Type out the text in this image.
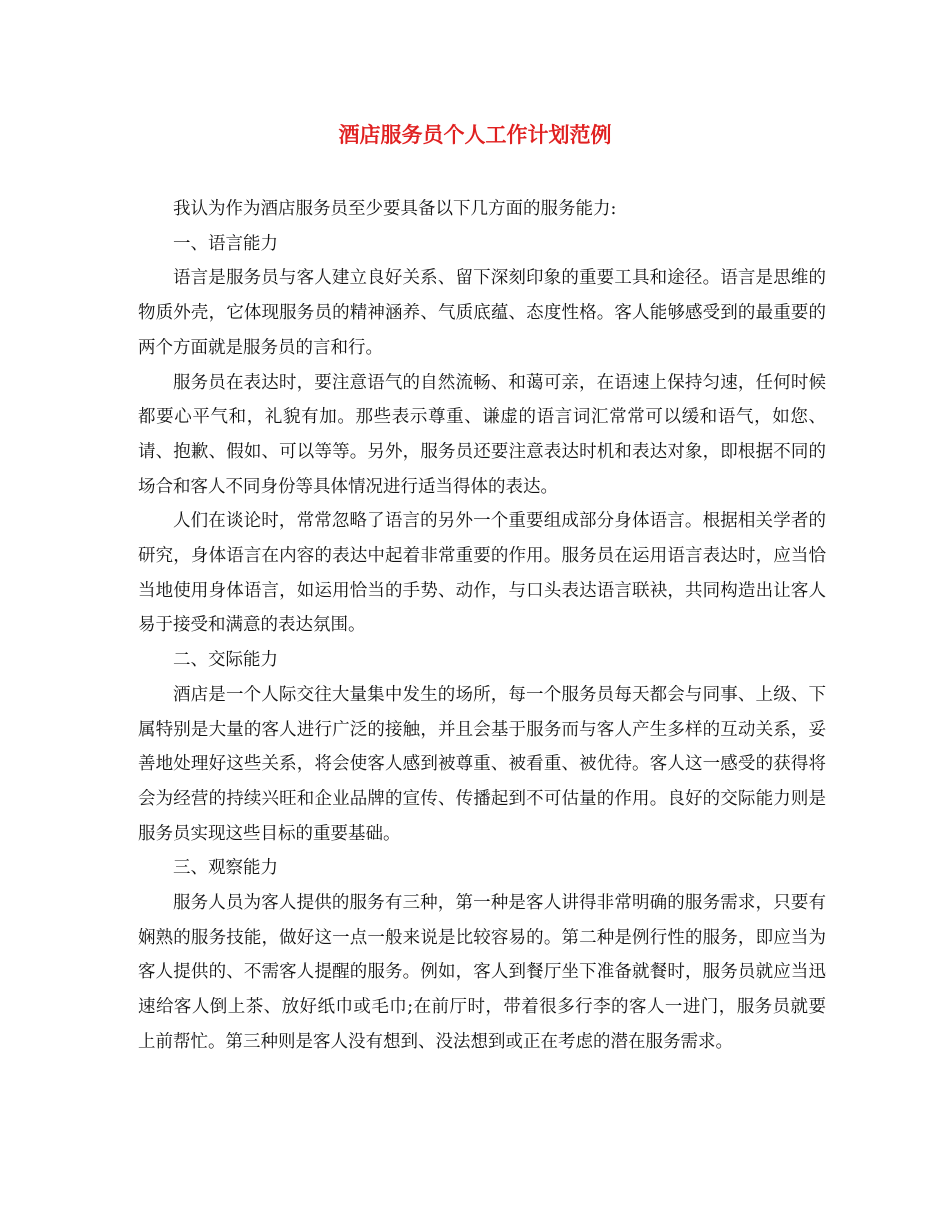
酒店服务员个人工作计划范例

我认为作为酒店服务员至少要具备以下几方面的服务能力:

一、语言能力

语言是服务员与客人建立良好关系、留下深刻印象的重要工具和途径。语言是思维的物质外壳，它体现服务员的精神涵养、气质底蕴、态度性格。客人能够感受到的最重要的两个方面就是服务员的言和行。

服务员在表达时，要注意语气的自然流畅、和蔼可亲，在语速上保持匀速，任何时候都要心平气和，礼貌有加。那些表示尊重、谦虚的语言词汇常常可以缓和语气，如您、请、抱歉、假如、可以等等。另外，服务员还要注意表达时机和表达对象，即根据不同的场合和客人不同身份等具体情况进行适当得体的表达。

人们在谈论时，常常忽略了语言的另外一个重要组成部分身体语言。根据相关学者的研究，身体语言在内容的表达中起着非常重要的作用。服务员在运用语言表达时，应当恰当地使用身体语言，如运用恰当的手势、动作，与口头表达语言联袂，共同构造出让客人易于接受和满意的表达氛围。

二、交际能力

酒店是一个人际交往大量集中发生的场所，每一个服务员每天都会与同事、上级、下属特别是大量的客人进行广泛的接触，并且会基于服务而与客人产生多样的互动关系，妥善地处理好这些关系，将会使客人感到被尊重、被看重、被优待。客人这一感受的获得将会为经营的持续兴旺和企业品牌的宣传、传播起到不可估量的作用。良好的交际能力则是服务员实现这些目标的重要基础。

三、观察能力

服务人员为客人提供的服务有三种，第一种是客人讲得非常明确的服务需求，只要有娴熟的服务技能，做好这一点一般来说是比较容易的。第二种是例行性的服务，即应当为客人提供的、不需客人提醒的服务。例如，客人到餐厅坐下准备就餐时，服务员就应当迅速给客人倒上茶、放好纸巾或毛巾;在前厅时，带着很多行李的客人一进门，服务员就要上前帮忙。第三种则是客人没有想到、没法想到或正在考虑的潜在服务需求。
